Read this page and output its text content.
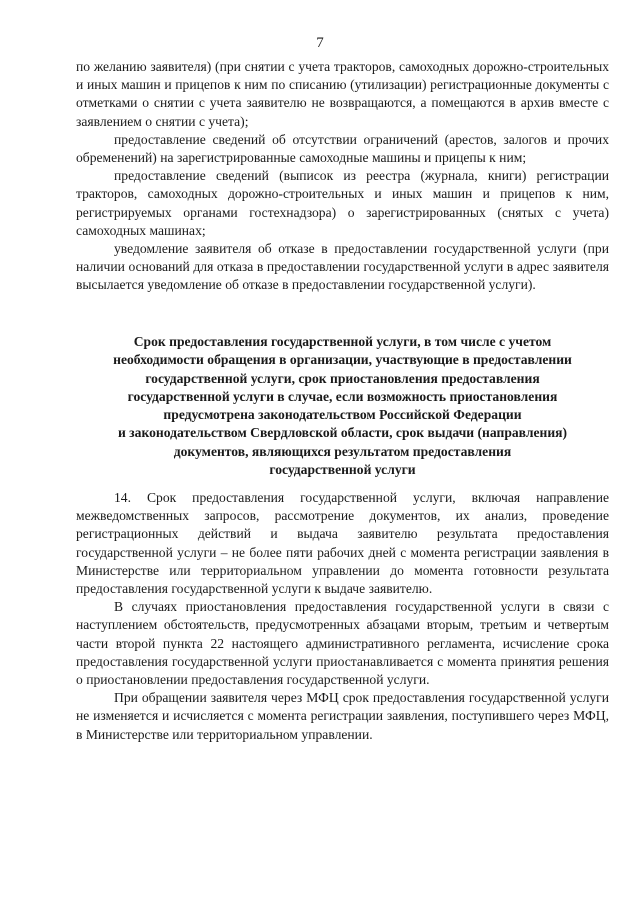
7

по желанию заявителя) (при снятии с учета тракторов, самоходных дорожно-строительных и иных машин и прицепов к ним по списанию (утилизации) регистрационные документы с отметками о снятии с учета заявителю не возвращаются, а помещаются в архив вместе с заявлением о снятии с учета);

предоставление сведений об отсутствии ограничений (арестов, залогов и прочих обременений) на зарегистрированные самоходные машины и прицепы к ним;

предоставление сведений (выписок из реестра (журнала, книги) регистрации тракторов, самоходных дорожно-строительных и иных машин и прицепов к ним, регистрируемых органами гостехнадзора) о зарегистрированных (снятых с учета) самоходных машинах;

уведомление заявителя об отказе в предоставлении государственной услуги (при наличии оснований для отказа в предоставлении государственной услуги в адрес заявителя высылается уведомление об отказе в предоставлении государственной услуги).

Срок предоставления государственной услуги, в том числе с учетом
необходимости обращения в организации, участвующие в предоставлении
государственной услуги, срок приостановления предоставления
государственной услуги в случае, если возможность приостановления
предусмотрена законодательством Российской Федерации
и законодательством Свердловской области, срок выдачи (направления)
документов, являющихся результатом предоставления
государственной услуги

14. Срок предоставления государственной услуги, включая направление межведомственных запросов, рассмотрение документов, их анализ, проведение регистрационных действий и выдача заявителю результата предоставления государственной услуги – не более пяти рабочих дней с момента регистрации заявления в Министерстве или территориальном управлении до момента готовности результата предоставления государственной услуги к выдаче заявителю.

В случаях приостановления предоставления государственной услуги в связи с наступлением обстоятельств, предусмотренных абзацами вторым, третьим и четвертым части второй пункта 22 настоящего административного регламента, исчисление срока предоставления государственной услуги приостанавливается с момента принятия решения о приостановлении предоставления государственной услуги.

При обращении заявителя через МФЦ срок предоставления государственной услуги не изменяется и исчисляется с момента регистрации заявления, поступившего через МФЦ, в Министерстве или территориальном управлении.
